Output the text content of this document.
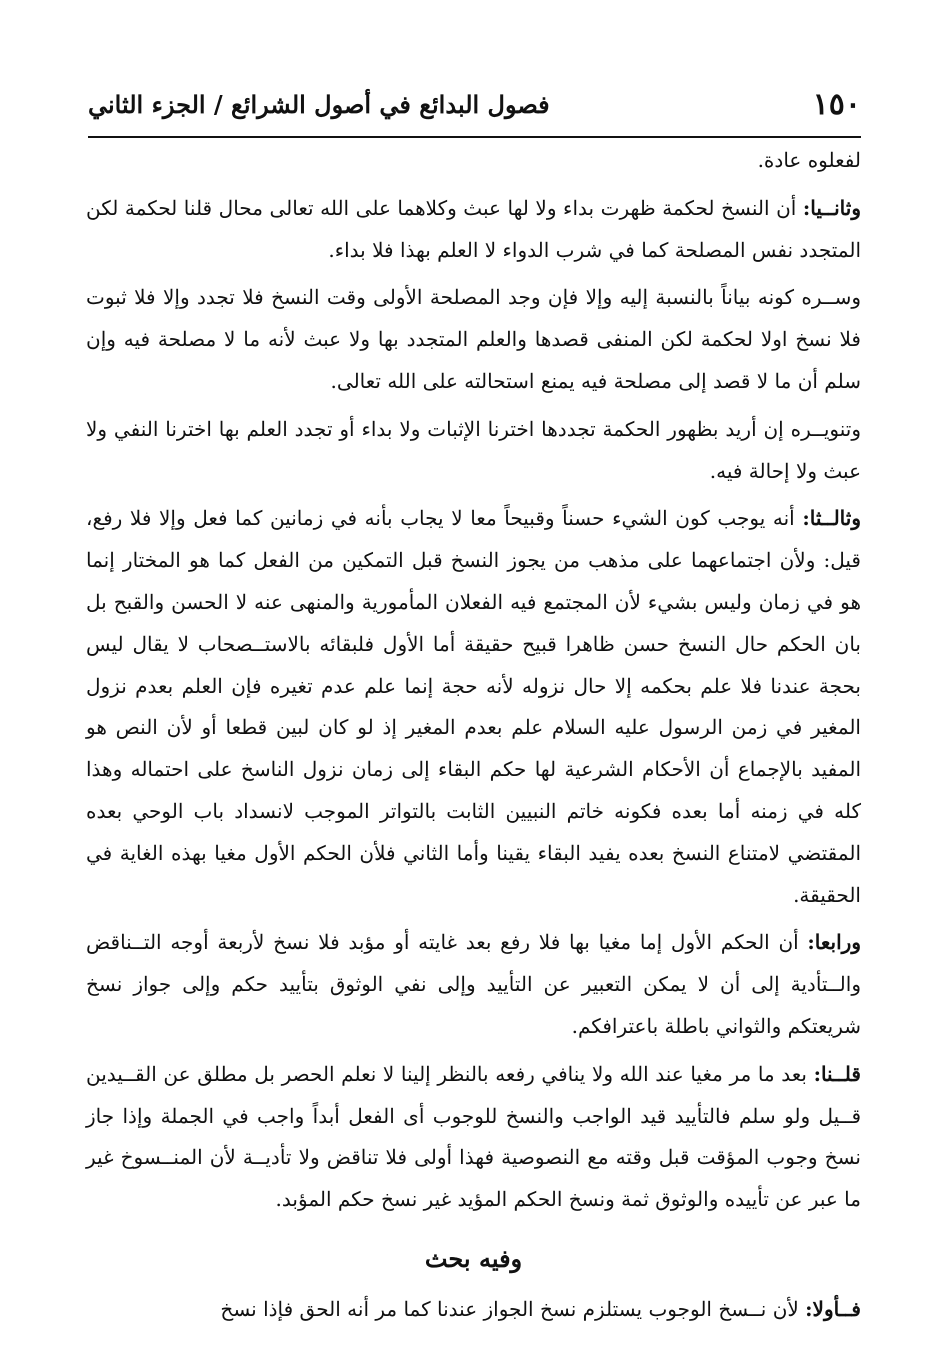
١٥٠
فصول البدائع في أصول الشرائع / الجزء الثاني

لفعلوه عادة.

وثانــيا: أن النسخ لحكمة ظهرت بداء ولا لها عبث وكلاهما على الله تعالى محال قلنا لحكمة لكن المتجدد نفس المصلحة كما في شرب الدواء لا العلم بهذا فلا بداء.

وســره كونه بياناً بالنسبة إليه وإلا فإن وجد المصلحة الأولى وقت النسخ فلا تجدد وإلا فلا ثبوت فلا نسخ اولا لحكمة لكن المنفى قصدها والعلم المتجدد بها ولا عبث لأنه ما لا مصلحة فيه وإن سلم أن ما لا قصد إلى مصلحة فيه يمنع استحالته على الله تعالى.

وتنويــره إن أريد بظهور الحكمة تجددها اخترنا الإثبات ولا بداء أو تجدد العلم بها اخترنا النفي ولا عبث ولا إحالة فيه.

وثالــثا: أنه يوجب كون الشيء حسناً وقبيحاً معا لا يجاب بأنه في زمانين كما فعل وإلا فلا رفع، قيل: ولأن اجتماعهما على مذهب من يجوز النسخ قبل التمكين من الفعل كما هو المختار إنما هو في زمان وليس بشيء لأن المجتمع فيه الفعلان المأمورية والمنهى عنه لا الحسن والقبح بل بان الحكم حال النسخ حسن ظاهرا قبيح حقيقة أما الأول فلبقائه بالاستــصحاب لا يقال ليس بحجة عندنا فلا علم بحكمه إلا حال نزوله لأنه حجة إنما علم عدم تغيره فإن العلم بعدم نزول المغير في زمن الرسول عليه السلام علم بعدم المغير إذ لو كان لبين قطعا أو لأن النص هو المفيد بالإجماع أن الأحكام الشرعية لها حكم البقاء إلى زمان نزول الناسخ على احتماله وهذا كله في زمنه أما بعده فكونه خاتم النبيين الثابت بالتواتر الموجب لانسداد باب الوحي بعده المقتضي لامتناع النسخ بعده يفيد البقاء يقينا وأما الثاني فلأن الحكم الأول مغيا بهذه الغاية في الحقيقة.

ورابعا: أن الحكم الأول إما مغيا بها فلا رفع بعد غايته أو مؤبد فلا نسخ لأربعة أوجه التــناقض والــتأدية إلى أن لا يمكن التعبير عن التأييد وإلى نفي الوثوق بتأييد حكم وإلى جواز نسخ شريعتكم والثواني باطلة باعترافكم.

قلــنا: بعد ما مر مغيا عند الله ولا ينافي رفعه بالنظر إلينا لا نعلم الحصر بل مطلق عن القــيدين قــيل ولو سلم فالتأييد قيد الواجب والنسخ للوجوب أى الفعل أبداً واجب في الجملة وإذا جاز نسخ وجوب المؤقت قبل وقته مع النصوصية فهذا أولى فلا تناقض ولا تأديــة لأن المنــسوخ غير ما عبر عن تأييده والوثوق ثمة ونسخ الحكم المؤيد غير نسخ حكم المؤبد.

وفيه بحث

فــأولا: لأن نــسخ الوجوب يستلزم نسخ الجواز عندنا كما مر أنه الحق فإذا نسخ
